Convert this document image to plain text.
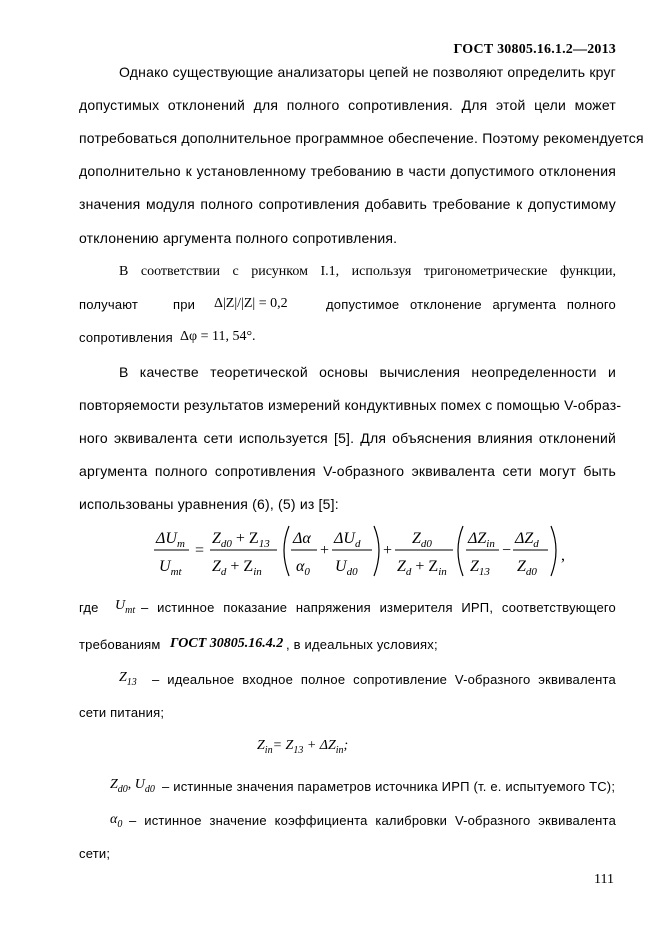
ГОСТ 30805.16.1.2—2013
Однако существующие анализаторы цепей не позволяют определить круг
допустимых отклонений для полного сопротивления. Для этой цели может
потребоваться дополнительное программное обеспечение. Поэтому рекомендуется
дополнительно к установленному требованию в части допустимого отклонения
значения модуля полного сопротивления добавить требование к допустимому
отклонению аргумента полного сопротивления.
В соответствии с рисунком I.1, используя тригонометрические функции,
получают	при Δ|Z|/|Z| = 0,2	допустимое отклонение аргумента полного
сопротивления Δφ = 11, 54°.
В качестве теоретической основы вычисления неопределенности и
повторяемости результатов измерений кондуктивных помех с помощью V-образ-
ного эквивалента сети используется [5]. Для объяснения влияния отклонений
аргумента полного сопротивления V-образного эквивалента сети могут быть
использованы уравнения (6), (5) из [5]:
$\Delta U_m$
$U_{mt}$
=
$Z_{d0} + Z_{13}$
$Z_d + Z_{in}$
Δα
$\alpha_0$
+
$\Delta U_d$
$U_{d0}$
+
$Z_{d0}$
$Z_d + Z_{in}$
$\Delta Z_{in}$
$Z_{13}$
−
$\Delta Z_d$
$Z_{d0}$
,
где $U_{mt}$ – истинное показание напряжения измерителя ИРП, соответствующего
требованиям ГОСТ 30805.16.4.2 , в идеальных условиях;
$Z_{13}$ – идеальное входное полное сопротивление V-образного эквивалента
сети питания;
$Z_{in}= Z_{13} + \Delta Z_{in}$;
$Z_{d0}$, $U_{d0}$ – истинные значения параметров источника ИРП (т. е. испытуемого ТС);
$\alpha_0$ – истинное значение коэффициента калибровки V-образного эквивалента
сети;
111
